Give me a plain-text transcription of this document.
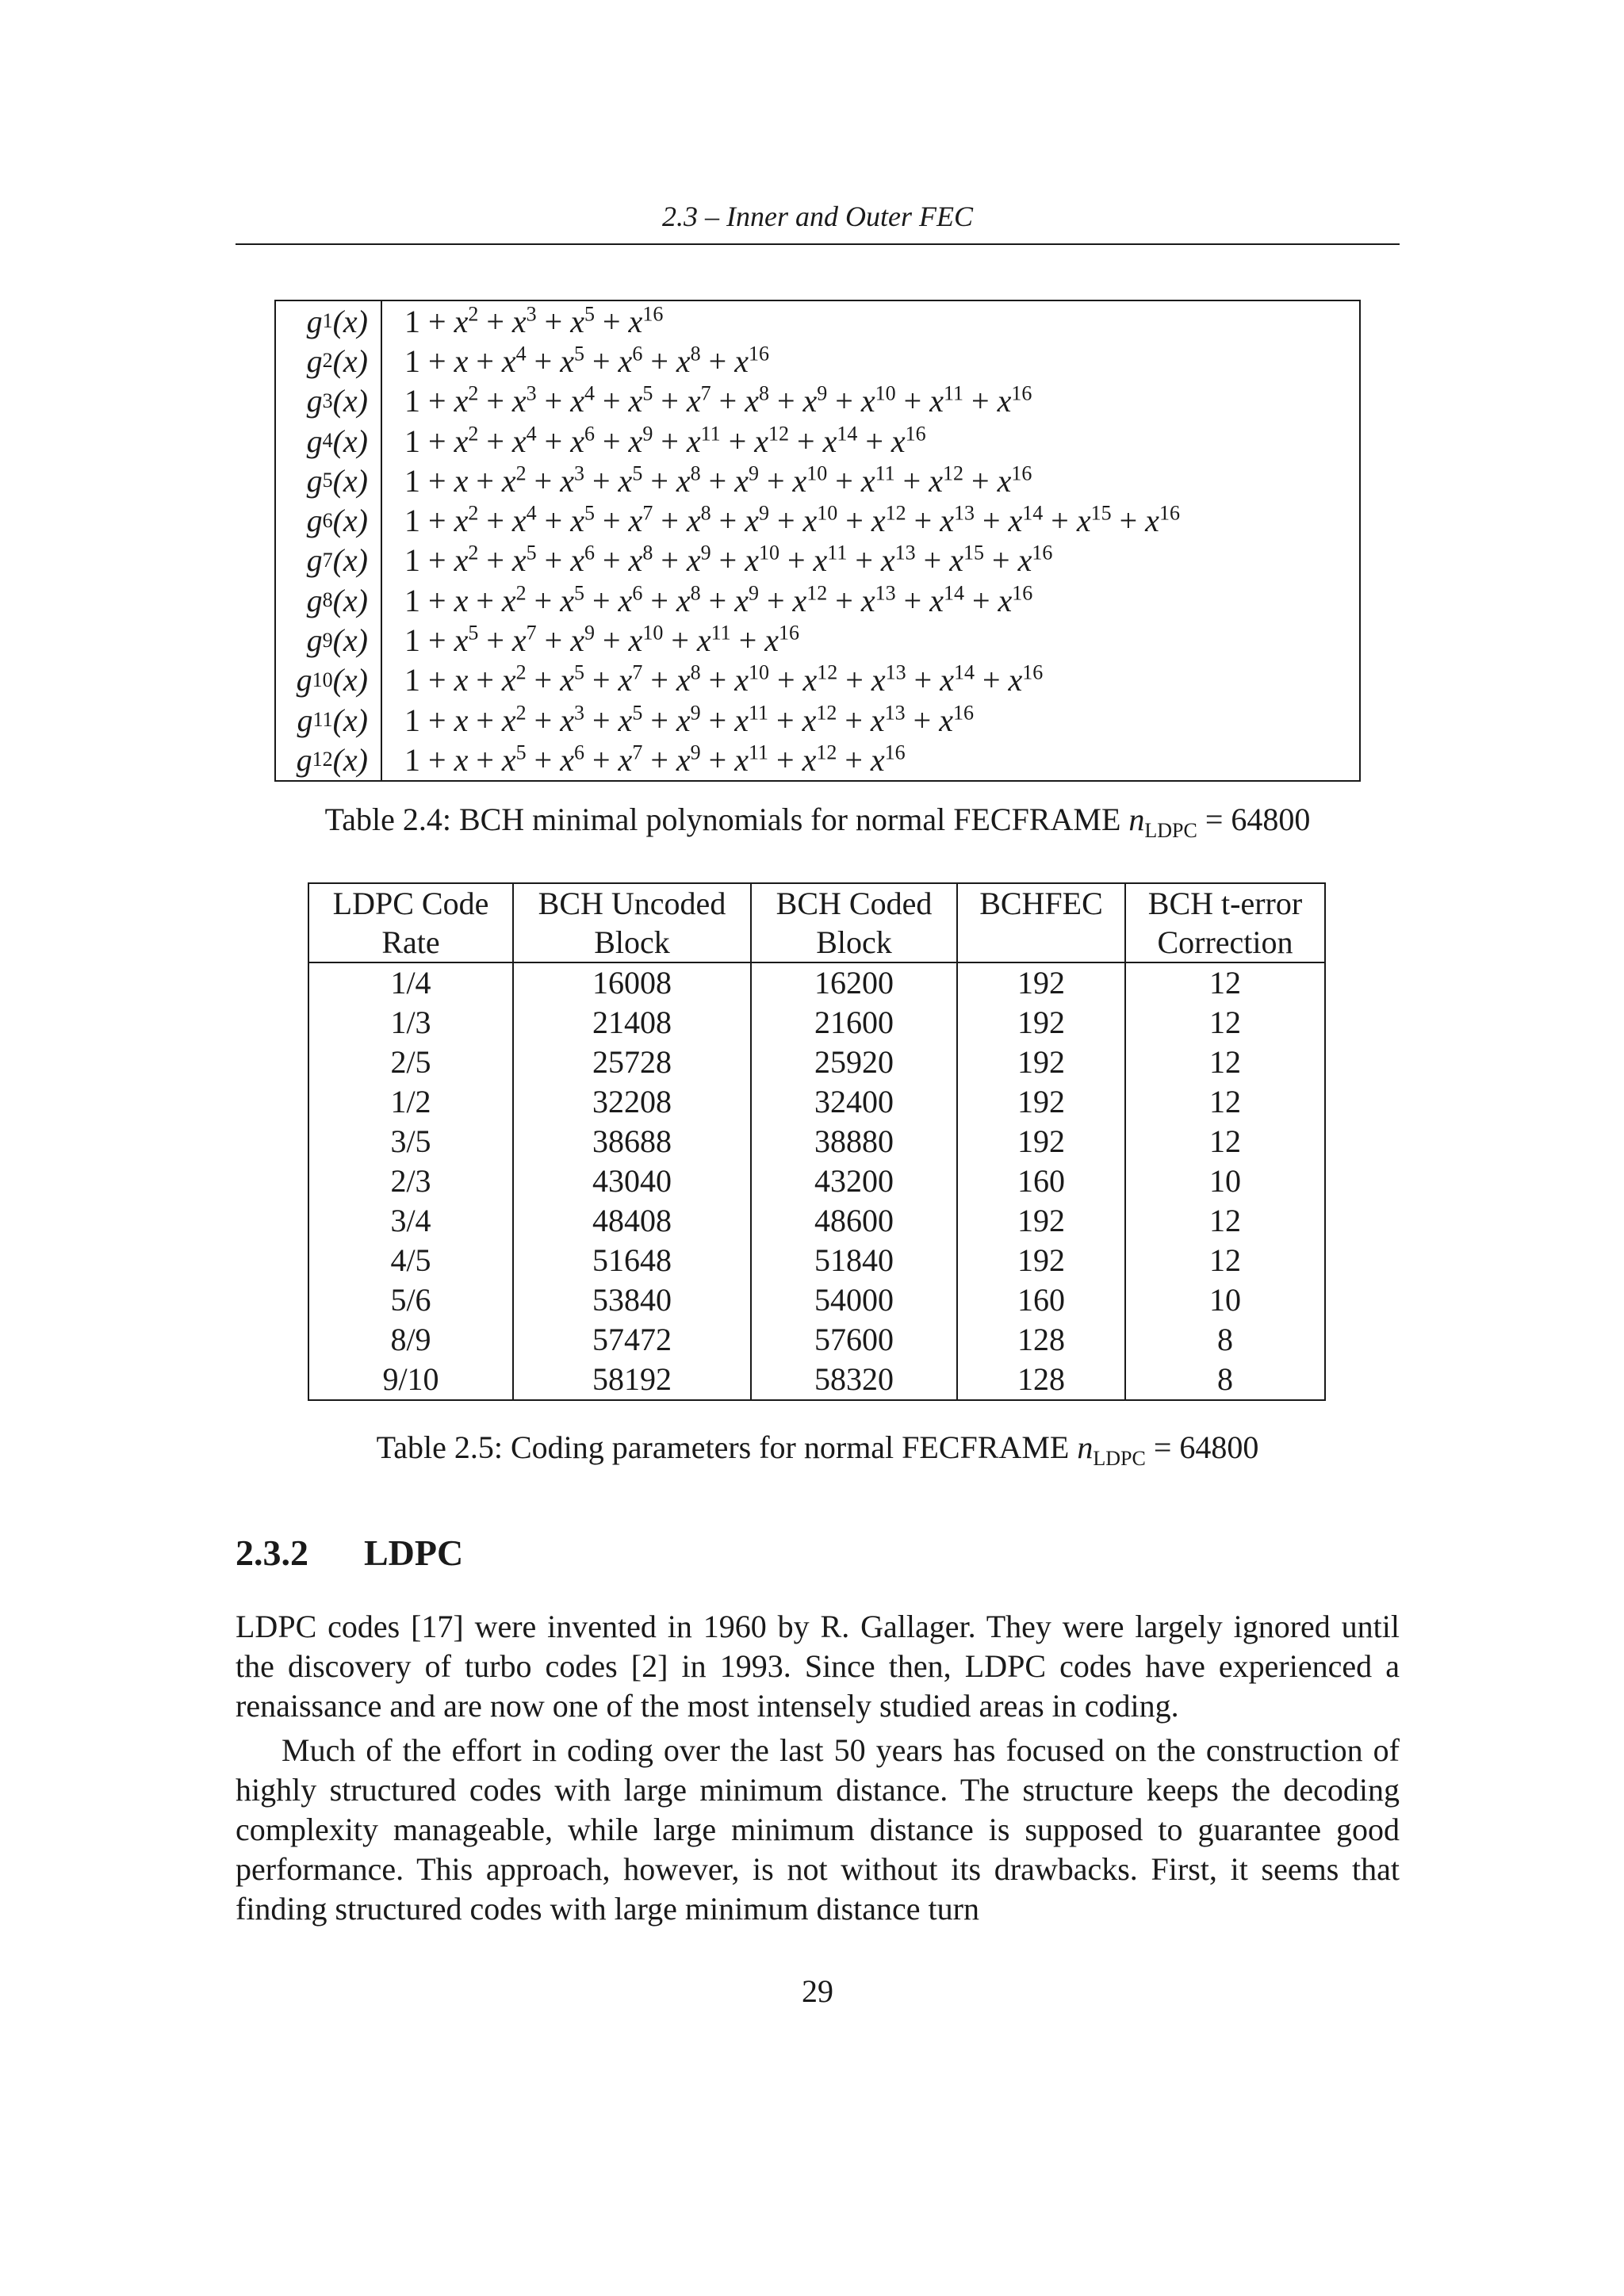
2.3 – Inner and Outer FEC
g 1 (x)	$1 + x^2 + x^3 + x^5 + x^{16}$
g 2 (x)	$1 + x + x^4 + x^5 + x^6 + x^8 + x^{16}$
g 3 (x)	$1 + x^2 + x^3 + x^4 + x^5 + x^7 + x^8 + x^9 + x^{10} + x^{11} + x^{16}$
g 4 (x)	$1 + x^2 + x^4 + x^6 + x^9 + x^{11} + x^{12} + x^{14} + x^{16}$
g 5 (x)	$1 + x + x^2 + x^3 + x^5 + x^8 + x^9 + x^{10} + x^{11} + x^{12} + x^{16}$
g 6 (x)	$1 + x^2 + x^4 + x^5 + x^7 + x^8 + x^9 + x^{10} + x^{12} + x^{13} + x^{14} + x^{15} + x^{16}$
g 7 (x)	$1 + x^2 + x^5 + x^6 + x^8 + x^9 + x^{10} + x^{11} + x^{13} + x^{15} + x^{16}$
g 8 (x)	$1 + x + x^2 + x^5 + x^6 + x^8 + x^9 + x^{12} + x^{13} + x^{14} + x^{16}$
g 9 (x)	$1 + x^5 + x^7 + x^9 + x^{10} + x^{11} + x^{16}$
g 10 (x)	$1 + x + x^2 + x^5 + x^7 + x^8 + x^{10} + x^{12} + x^{13} + x^{14} + x^{16}$
g 11 (x)	$1 + x + x^2 + x^3 + x^5 + x^9 + x^{11} + x^{12} + x^{13} + x^{16}$
g 12 (x)	$1 + x + x^5 + x^6 + x^7 + x^9 + x^{11} + x^{12} + x^{16}$
Table 2.4: BCH minimal polynomials for normal FECFRAME $n_{LDPC} = 64800$
LDPC Code	BCH Uncoded	BCH Coded	BCHFEC	BCH t-error
Rate	Block	Block		Correction
1/4	16008	16200	192	12
1/3	21408	21600	192	12
2/5	25728	25920	192	12
1/2	32208	32400	192	12
3/5	38688	38880	192	12
2/3	43040	43200	160	10
3/4	48408	48600	192	12
4/5	51648	51840	192	12
5/6	53840	54000	160	10
8/9	57472	57600	128	8
9/10	58192	58320	128	8
Table 2.5: Coding parameters for normal FECFRAME $n_{LDPC} = 64800$
2.3.2 LDPC

LDPC codes [17] were invented in 1960 by R. Gallager. They were largely ignored until the discovery of turbo codes [2] in 1993. Since then, LDPC codes have experienced a renaissance and are now one of the most intensely studied areas in coding.

Much of the effort in coding over the last 50 years has focused on the construction of highly structured codes with large minimum distance. The structure keeps the decoding complexity manageable, while large minimum distance is supposed to guarantee good performance. This approach, however, is not without its drawbacks. First, it seems that finding structured codes with large minimum distance turn

29
